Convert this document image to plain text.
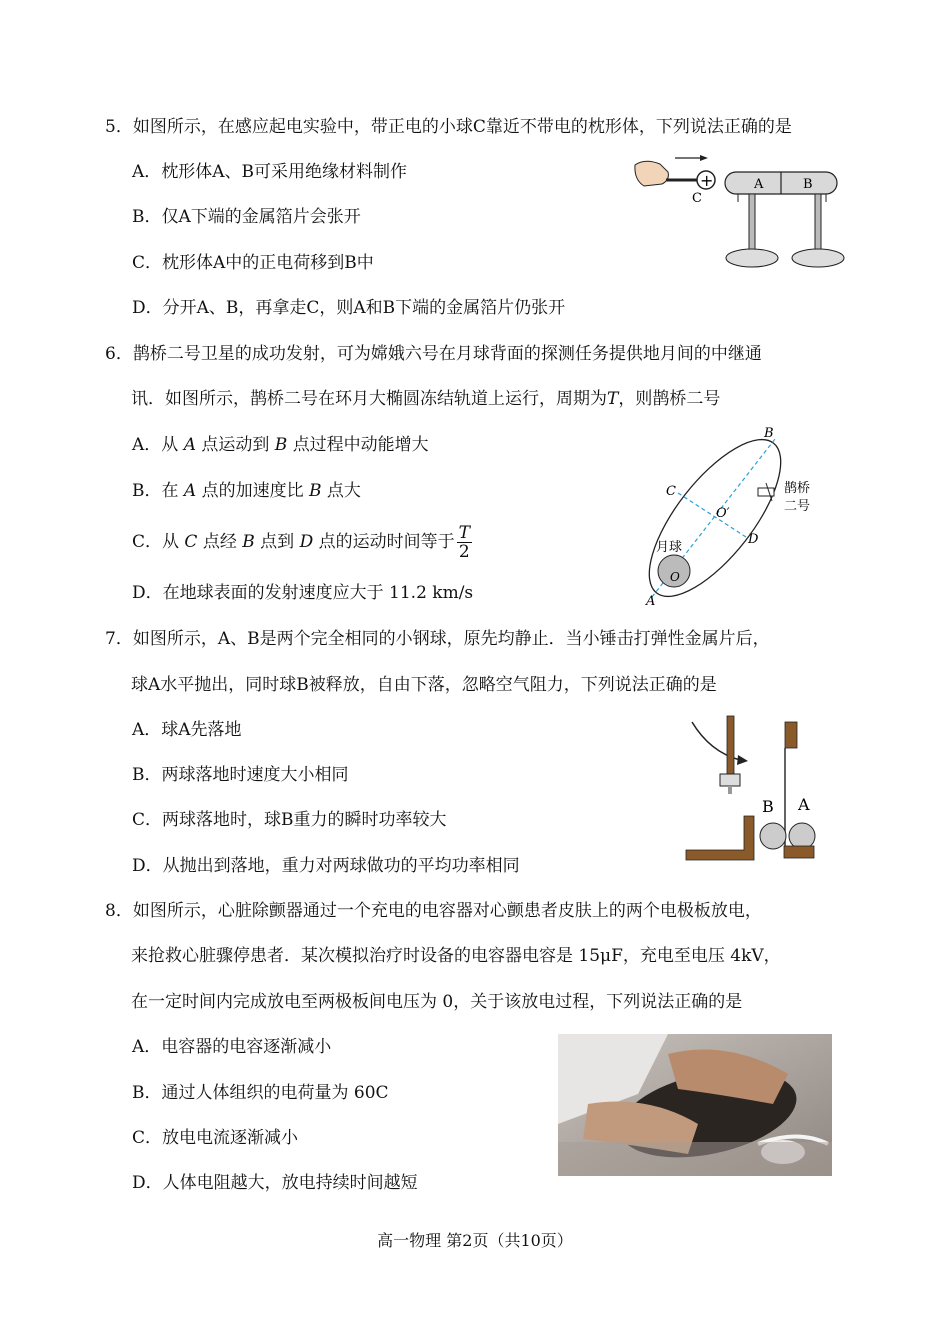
5．如图所示，在感应起电实验中，带正电的小球C靠近不带电的枕形体，下列说法正确的是
A．枕形体A、B可采用绝缘材料制作
B．仅A下端的金属箔片会张开
C．枕形体A中的正电荷移到B中
D．分开A、B，再拿走C，则A和B下端的金属箔片仍张开
+
C
A	B
6．鹊桥二号卫星的成功发射，可为嫦娥六号在月球背面的探测任务提供地月间的中继通
讯．如图所示，鹊桥二号在环月大椭圆冻结轨道上运行，周期为T，则鹊桥二号
A．从 A 点运动到 B 点过程中动能增大
B．在 A 点的加速度比 B 点大
C．从 C 点经 B 点到 D 点的运动时间等于 $\frac{T}{2}$
D．在地球表面的发射速度应大于 11.2 km/s
B
C
O′
D
月球
O
A
鹊桥
二号
7．如图所示，A、B是两个完全相同的小钢球，原先均静止．当小锤击打弹性金属片后，
球A水平抛出，同时球B被释放，自由下落，忽略空气阻力，下列说法正确的是
A．球A先落地
B．两球落地时速度大小相同
C．两球落地时，球B重力的瞬时功率较大
D．从抛出到落地，重力对两球做功的平均功率相同
B A
8．如图所示，心脏除颤器通过一个充电的电容器对心颤患者皮肤上的两个电极板放电，
来抢救心脏骤停患者．某次模拟治疗时设备的电容器电容是 15μF，充电至电压 4kV，
在一定时间内完成放电至两极板间电压为 0，关于该放电过程，下列说法正确的是
A．电容器的电容逐渐减小
B．通过人体组织的电荷量为 60C
C．放电电流逐渐减小
D．人体电阻越大，放电持续时间越短
高一物理 第2页（共10页）
